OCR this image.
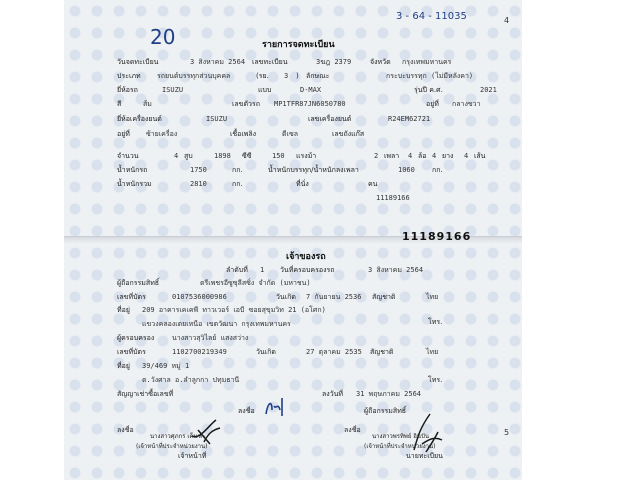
3 - 64 - 11035	4
20	รายการจดทะเบียน
วันจดทะเบียน	3 สิงหาคม 2564 เลขทะเบียน	3ฆฎ 2379	จังหวัด กรุงเทพมหานคร
ประเภท รถยนต์บรรทุกส่วนบุคคล	(รย. 3 ) ลักษณะ	กระบะบรรทุก (ไม่มีหลังคา)
ยี่ห้อรถ	ISUZU	แบบ	D-MAX	รุ่นปี ค.ศ.	2021
สี	ส้ม	เลขตัวรถ MP1TFR87JN6050780	อยู่ที่ กลางขวา
ยี่ห้อเครื่องยนต์	ISUZU	เลขเครื่องยนต์	R24EM62721
อยู่ที่ ซ้ายเครื่อง	เชื้อเพลิง	ดีเซล	เลขถังแก๊ส
จำนวน	4 สูบ	1898 ซีซี	150 แรงม้า	2 เพลา 4 ล้อ 4 ยาง 4 เส้น
น้ำหนักรถ	1750	กก.	น้ำหนักบรรทุก/น้ำหนักลงเพลา	1060 กก.
น้ำหนักรวม	2810	กก.	ที่นั่ง	คน
11189166
11189166
เจ้าของรถ
ลำดับที่ 1 วันที่ครอบครองรถ	3 สิงหาคม 2564
ผู้ถือกรรมสิทธิ์	ตรีเพชรอีซูซุลีสซิ่ง จำกัด (มหาชน)
เลขที่บัตร	0107536000986	วันเกิด 7 กันยายน 2536 สัญชาติ	ไทย
ที่อยู่ 209 อาคารเคเคพี ทาวเวอร์ เอบี ซอยสุขุมวิท 21 (อโศก)
โทร.
แขวงคลองเตยเหนือ เขตวัฒนา กรุงเทพมหานคร
ผู้ครอบครอง	นางสาวสุวิไลย์ แสงสว่าง
เลขที่บัตร	1102700219349	วันเกิด	27 ตุลาคม 2535 สัญชาติ	ไทย
ที่อยู่ 39/469 หมู่ 1
ต.วังศาล อ.ลำลูกกา ปทุมธานี	โทร.
สัญญาเช่าซื้อเลขที่	ลงวันที่ 31 พฤษภาคม 2564
ลงชื่อ	ผู้ถือกรรมสิทธิ์
ลงชื่อ
นางสาวศุภกร เค็นฑะ
(เจ้าหน้าที่ประจำหน่วยงาน)
เจ้าหน้าที่
ลงชื่อ
นางสาวพรทิพย์ อินปัน
(เจ้าหน้าที่ประจำหน่วยงาน)
นายทะเบียน
5
